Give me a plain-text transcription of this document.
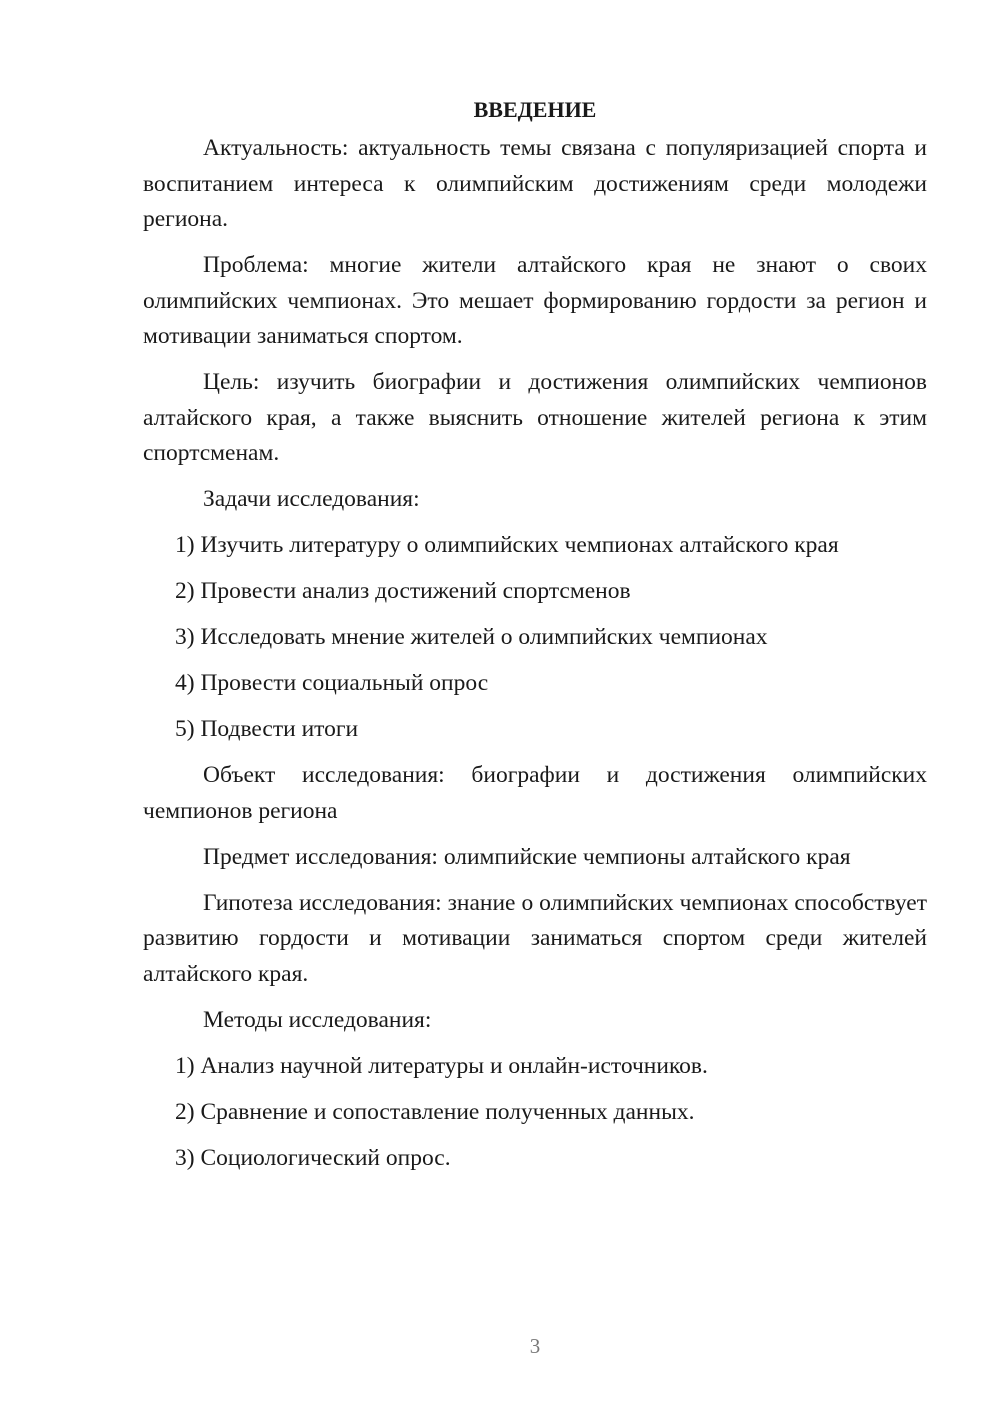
ВВЕДЕНИЕ

Актуальность: актуальность темы связана с популяризацией спорта и воспитанием интереса к олимпийским достижениям среди молодежи региона.

Проблема: многие жители алтайского края не знают о своих олимпийских чемпионах. Это мешает формированию гордости за регион и мотивации заниматься спортом.

Цель: изучить биографии и достижения олимпийских чемпионов алтайского края, а также выяснить отношение жителей региона к этим спортсменам.

Задачи исследования:

1) Изучить литературу о олимпийских чемпионах алтайского края
2) Провести анализ достижений спортсменов
3) Исследовать мнение жителей о олимпийских чемпионах
4) Провести социальный опрос
5) Подвести итоги

Объект исследования: биографии и достижения олимпийских чемпионов региона

Предмет исследования: олимпийские чемпионы алтайского края

Гипотеза исследования: знание о олимпийских чемпионах способствует развитию гордости и мотивации заниматься спортом среди жителей алтайского края.

Методы исследования:

1) Анализ научной литературы и онлайн-источников.
2) Сравнение и сопоставление полученных данных.
3) Социологический опрос.
3
